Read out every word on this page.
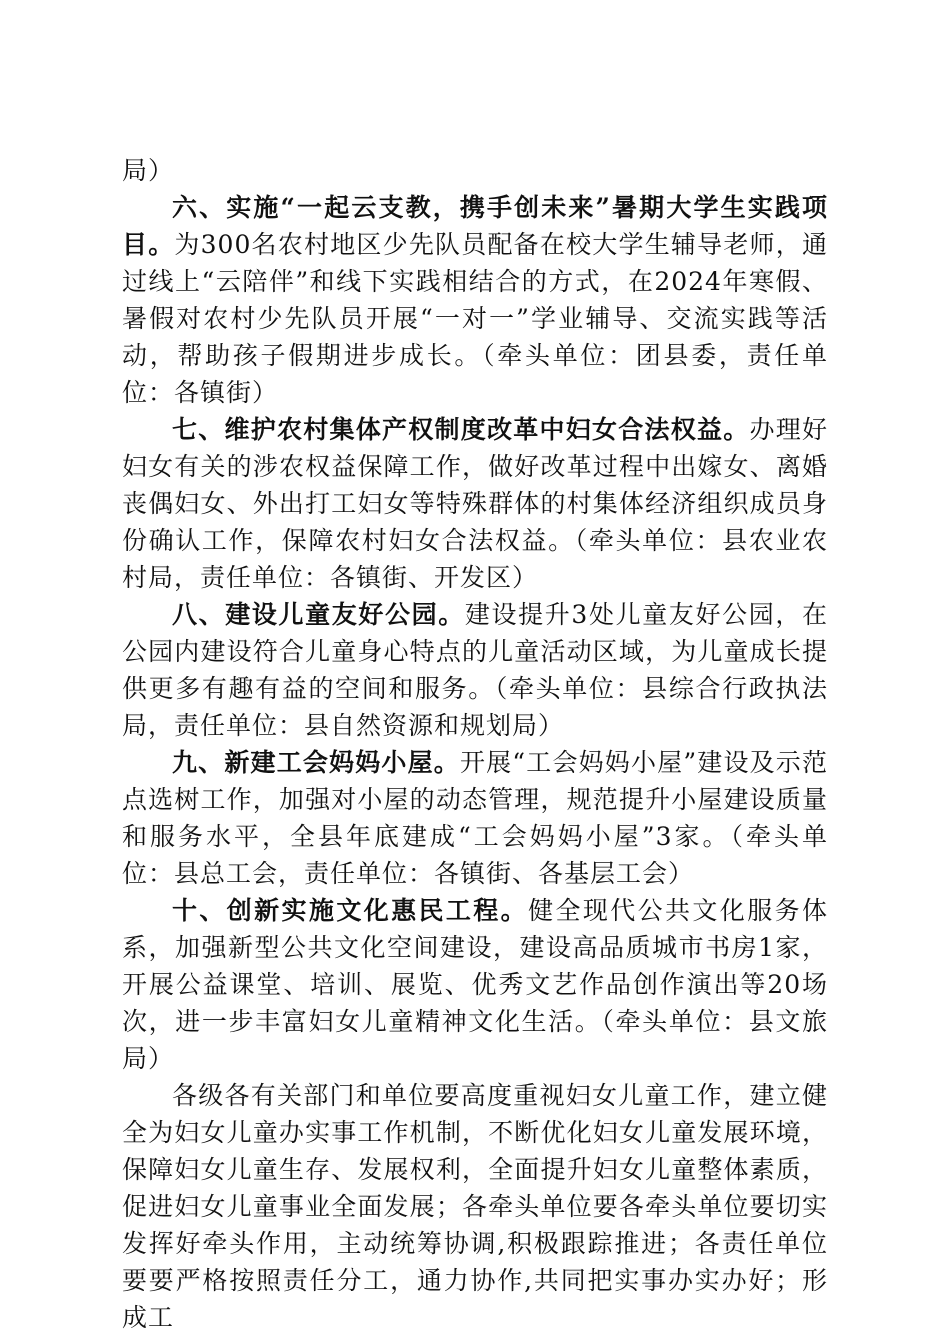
局）

六、实施“一起云支教，携手创未来”暑期大学生实践项目。为300名农村地区少先队员配备在校大学生辅导老师，通过线上“云陪伴”和线下实践相结合的方式，在2024年寒假、暑假对农村少先队员开展“一对一”学业辅导、交流实践等活动，帮助孩子假期进步成长。（牵头单位：团县委，责任单位：各镇街）

七、维护农村集体产权制度改革中妇女合法权益。办理好妇女有关的涉农权益保障工作，做好改革过程中出嫁女、离婚丧偶妇女、外出打工妇女等特殊群体的村集体经济组织成员身份确认工作，保障农村妇女合法权益。（牵头单位：县农业农村局，责任单位：各镇街、开发区）

八、建设儿童友好公园。建设提升3处儿童友好公园，在公园内建设符合儿童身心特点的儿童活动区域，为儿童成长提供更多有趣有益的空间和服务。（牵头单位：县综合行政执法局，责任单位：县自然资源和规划局）

九、新建工会妈妈小屋。开展“工会妈妈小屋”建设及示范点选树工作，加强对小屋的动态管理，规范提升小屋建设质量和服务水平，全县年底建成“工会妈妈小屋”3家。（牵头单位：县总工会，责任单位：各镇街、各基层工会）

十、创新实施文化惠民工程。健全现代公共文化服务体系，加强新型公共文化空间建设，建设高品质城市书房1家，开展公益课堂、培训、展览、优秀文艺作品创作演出等20场次，进一步丰富妇女儿童精神文化生活。（牵头单位：县文旅局）

各级各有关部门和单位要高度重视妇女儿童工作，建立健全为妇女儿童办实事工作机制，不断优化妇女儿童发展环境，保障妇女儿童生存、发展权利，全面提升妇女儿童整体素质，促进妇女儿童事业全面发展；各牵头单位要各牵头单位要切实发挥好牵头作用，主动统筹协调,积极跟踪推进；各责任单位要要严格按照责任分工，通力协作,共同把实事办实办好；形成工
